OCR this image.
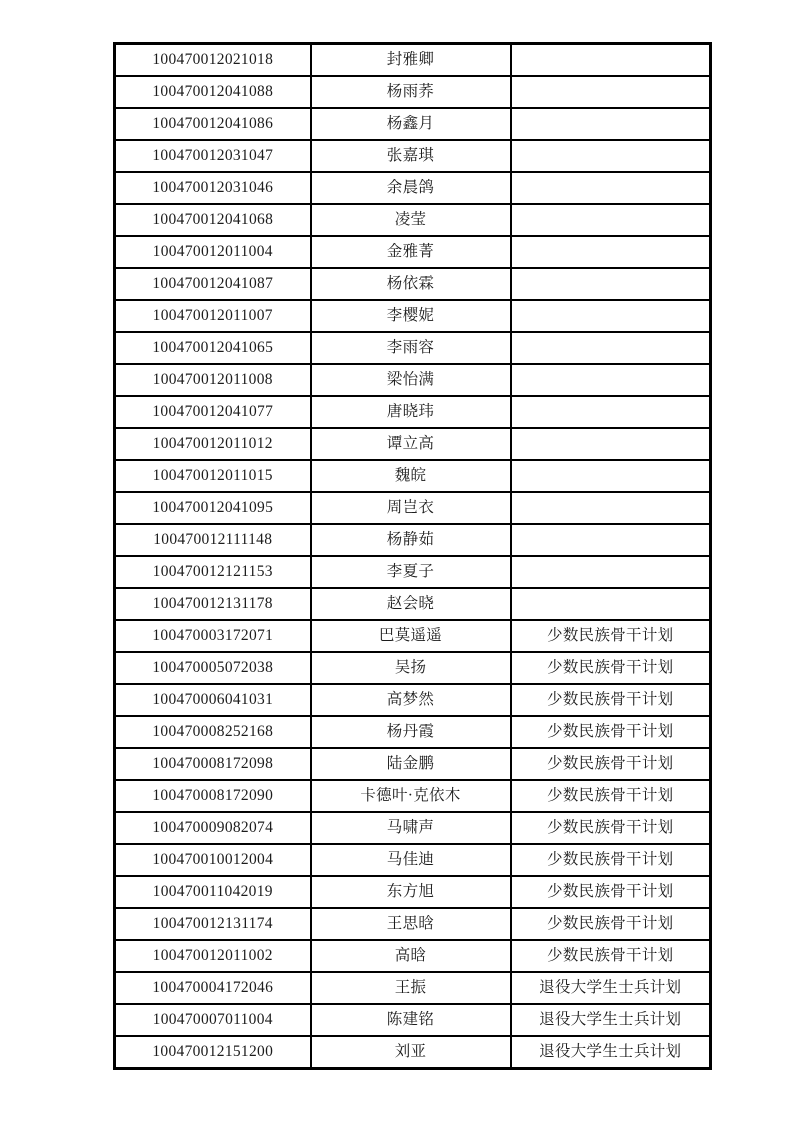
100470012021018	封雅卿	
100470012041088	杨雨荞	
100470012041086	杨鑫月	
100470012031047	张嘉琪	
100470012031046	余晨鸽	
100470012041068	凌莹	
100470012011004	金雅菁	
100470012041087	杨依霖	
100470012011007	李樱妮	
100470012041065	李雨容	
100470012011008	梁怡满	
100470012041077	唐晓玮	
100470012011012	谭立高	
100470012011015	魏皖	
100470012041095	周岂衣	
100470012111148	杨静茹	
100470012121153	李夏子	
100470012131178	赵会晓	
100470003172071	巴莫遥遥	少数民族骨干计划
100470005072038	吴扬	少数民族骨干计划
100470006041031	高梦然	少数民族骨干计划
100470008252168	杨丹霞	少数民族骨干计划
100470008172098	陆金鹏	少数民族骨干计划
100470008172090	卡德叶·克依木	少数民族骨干计划
100470009082074	马啸声	少数民族骨干计划
100470010012004	马佳迪	少数民族骨干计划
100470011042019	东方旭	少数民族骨干计划
100470012131174	王思晗	少数民族骨干计划
100470012011002	高晗	少数民族骨干计划
100470004172046	王振	退役大学生士兵计划
100470007011004	陈建铭	退役大学生士兵计划
100470012151200	刘亚	退役大学生士兵计划
